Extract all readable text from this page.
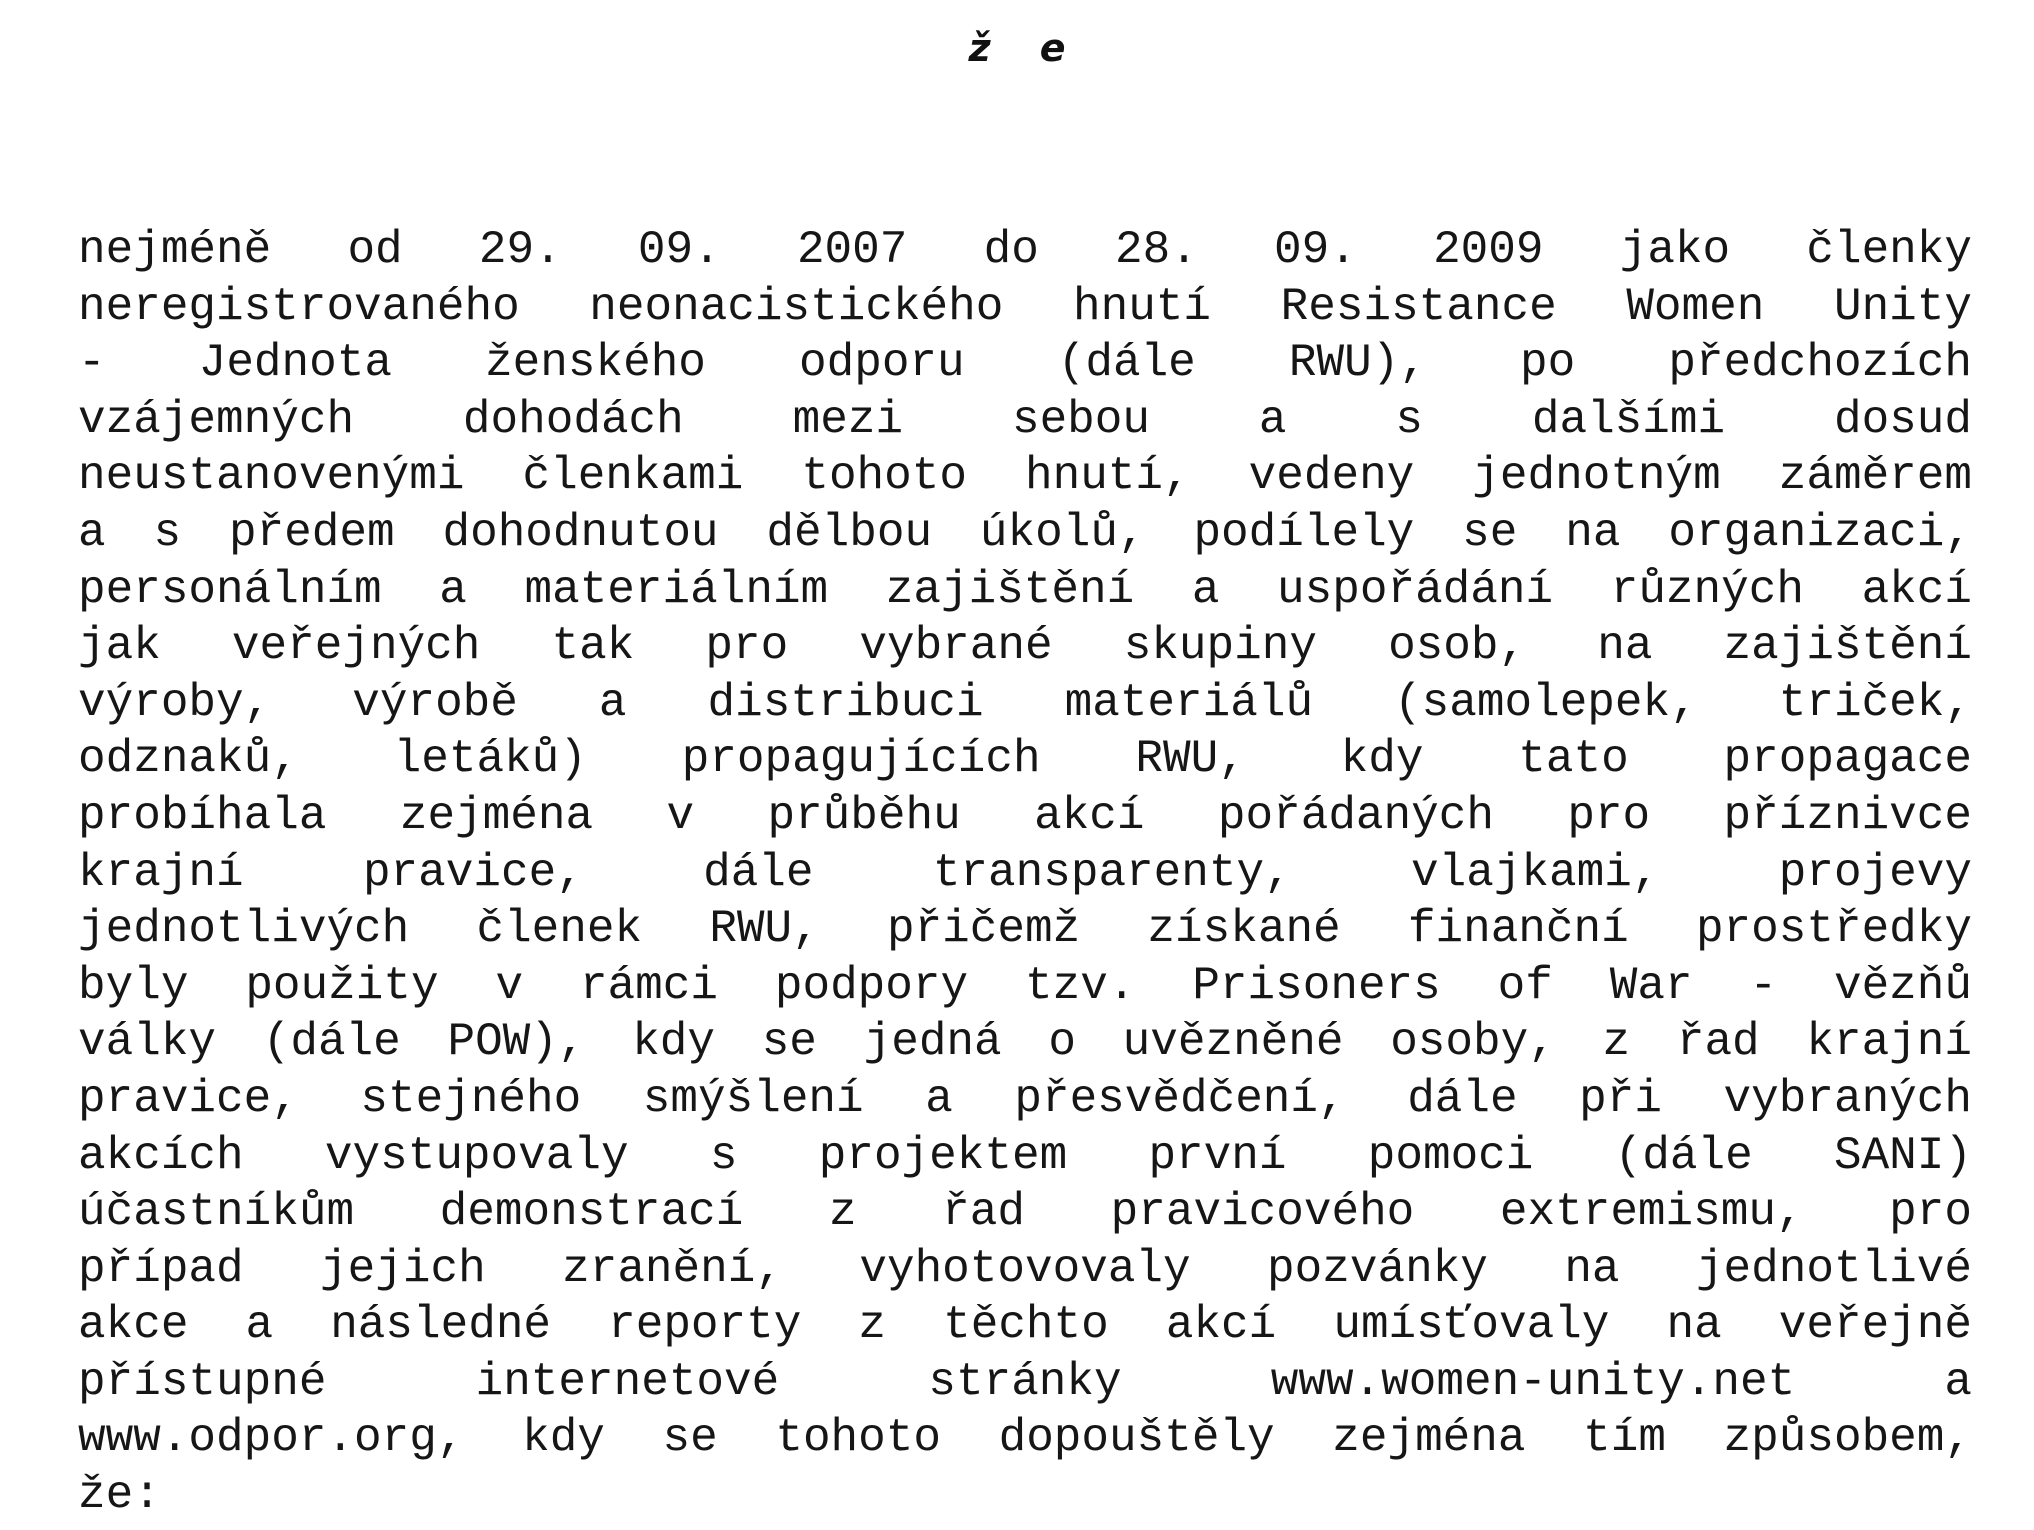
ž e
nejméně od 29. 09. 2007 do 28. 09. 2009 jako členky
neregistrovaného neonacistického hnutí Resistance Women Unity
- Jednota ženského odporu (dále RWU), po předchozích
vzájemných dohodách mezi sebou a s dalšími dosud
neustanovenými členkami tohoto hnutí, vedeny jednotným záměrem
a s předem dohodnutou dělbou úkolů, podílely se na organizaci,
personálním a materiálním zajištění a uspořádání různých akcí
jak veřejných tak pro vybrané skupiny osob, na zajištění
výroby, výrobě a distribuci materiálů (samolepek, triček,
odznaků, letáků) propagujících RWU, kdy tato propagace
probíhala zejména v průběhu akcí pořádaných pro příznivce
krajní pravice, dále transparenty, vlajkami, projevy
jednotlivých členek RWU, přičemž získané finanční prostředky
byly použity v rámci podpory tzv. Prisoners of War - vězňů
války (dále POW), kdy se jedná o uvězněné osoby, z řad krajní
pravice, stejného smýšlení a přesvědčení, dále při vybraných
akcích vystupovaly s projektem první pomoci (dále SANI)
účastníkům demonstrací z řad pravicového extremismu, pro
případ jejich zranění, vyhotovovaly pozvánky na jednotlivé
akce a následné reporty z těchto akcí umísťovaly na veřejně
přístupné internetové stránky www.women-unity.net a
www.odpor.org, kdy se tohoto dopouštěly zejména tím způsobem,
že:
